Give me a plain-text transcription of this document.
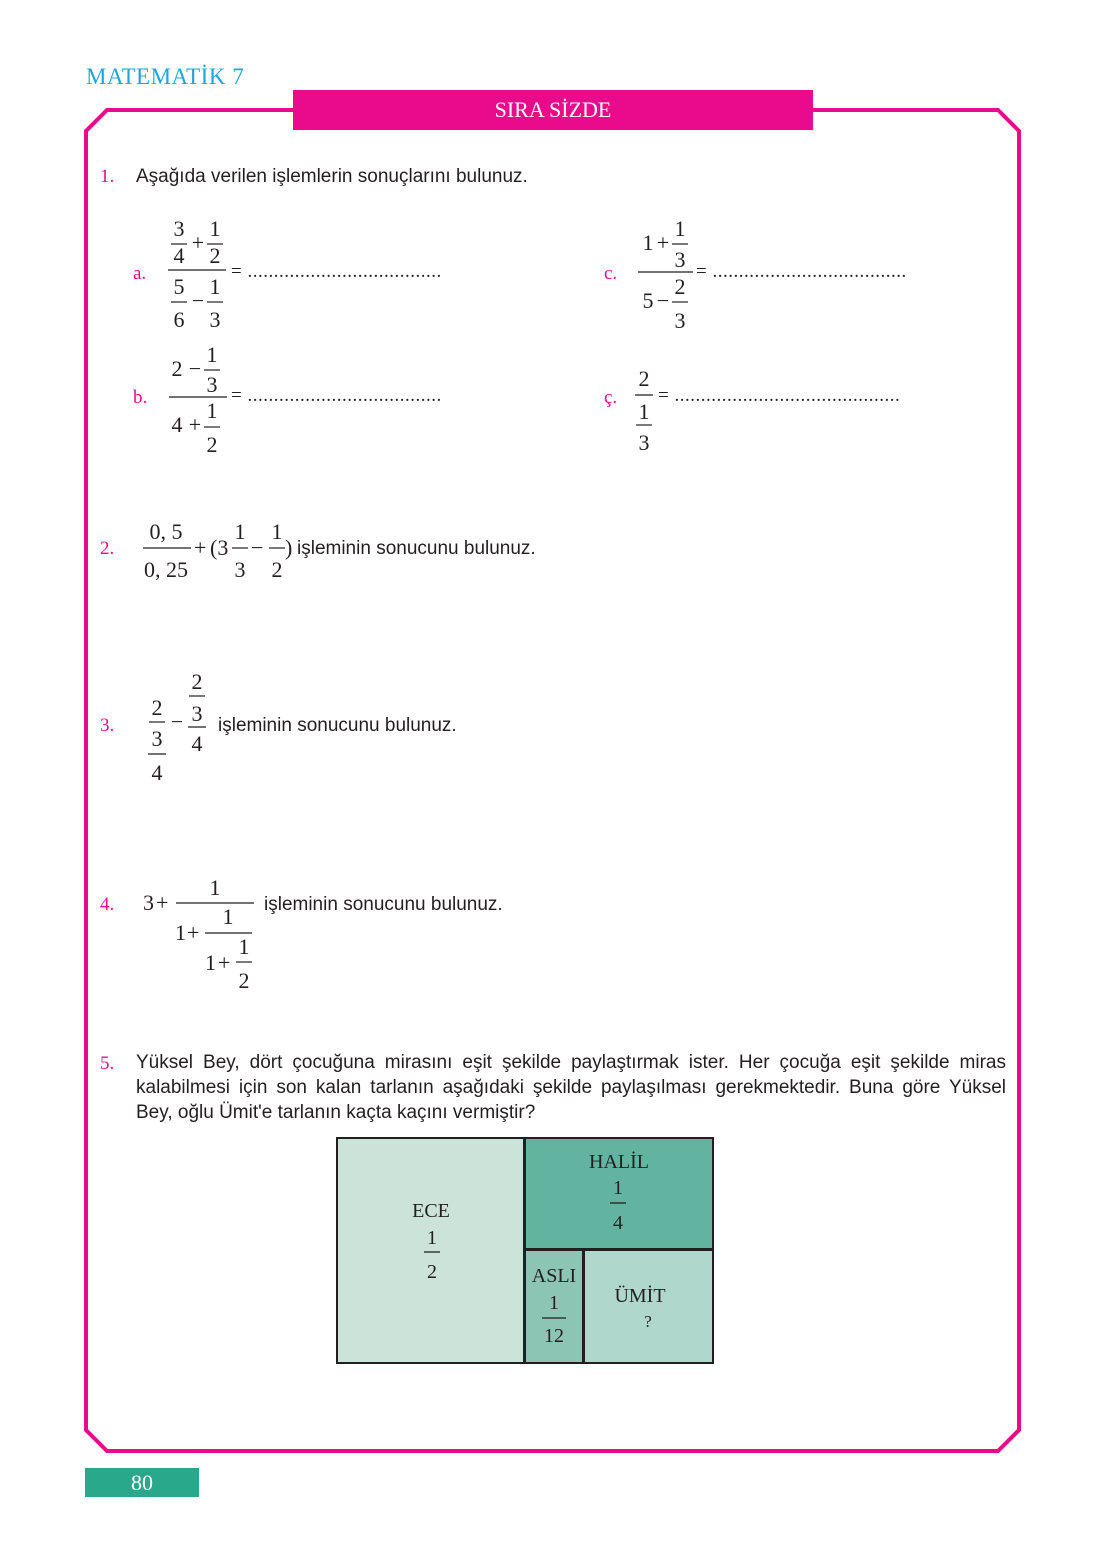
MATEMATİK 7
SIRA SİZDE
1. Aşağıda verilen işlemlerin sonuçlarını bulunuz.
a.
3
4
+
1
2
5
6
−
1
3
= .....................................
b.
2 −
1
3
4 +
1
2
= .....................................
c.
1 +
1
3
5 −
2
3
= .....................................
ç.
2
1
3
= ...........................................
2.
0, 5
0, 25
+ (3
1
3
−
1
2
) işleminin sonucunu bulunuz.
3.
2
3
4
−
2
3
4
işleminin sonucunu bulunuz.
4. 3 +
1
1 +
1
1 +
1
2
işleminin sonucunu bulunuz.
5. Yüksel Bey, dört çocuğuna mirasını eşit şekilde paylaştırmak ister. Her çocuğa eşit şekilde miras kalabilmesi için son kalan tarlanın aşağıdaki şekilde paylaşılması gerekmektedir. Buna göre Yüksel Bey, oğlu Ümit'e tarlanın kaçta kaçını vermiştir?
ECE
1
2
HALİL
1
4
ASLI
1
12
ÜMİT
?
80
